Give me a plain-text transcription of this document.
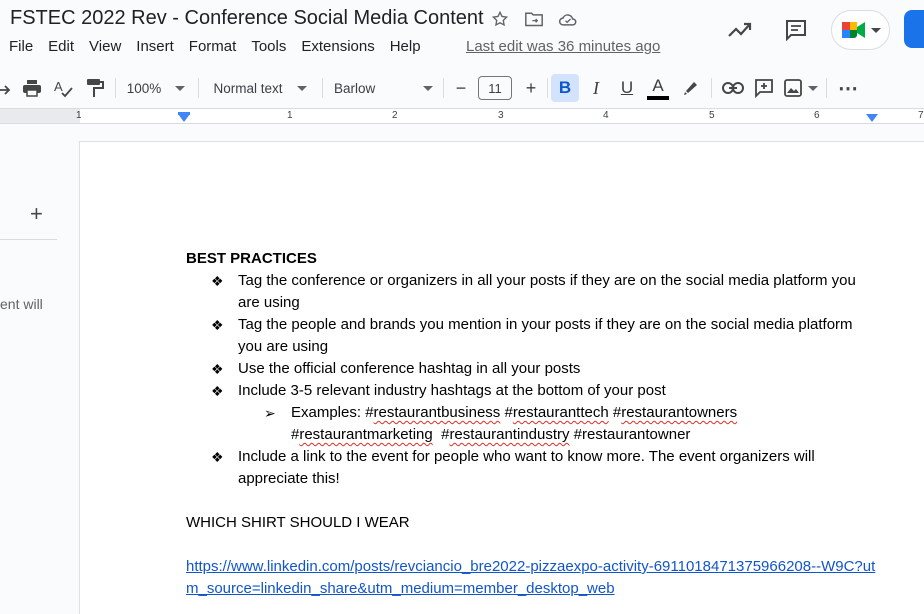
FSTEC 2022 Rev - Conference Social Media Content
File	Edit	View	Insert	Format	Tools	Extensions	Help	Last edit was 36 minutes ago
A	100%	Normal text	Barlow	−	11	+	B	I	U	A	⋯
1	1	2	3	4	5	6	7
+
ent will
BEST PRACTICES
❖ Tag the conference or organizers in all your posts if they are on the social media platform you are using
❖ Tag the people and brands you mention in your posts if they are on the social media platform you are using
❖ Use the official conference hashtag in all your posts
❖ Include 3-5 relevant industry hashtags at the bottom of your post
➢ Examples: #restaurantbusiness #restauranttech #restaurantowners #restaurantmarketing #restaurantindustry #restaurantowner
❖ Include a link to the event for people who want to know more. The event organizers will appreciate this!
WHICH SHIRT SHOULD I WEAR
https://www.linkedin.com/posts/revciancio_bre2022-pizzaexpo-activity-6911018471375966208--W9C?utm_source=linkedin_share&utm_medium=member_desktop_web
